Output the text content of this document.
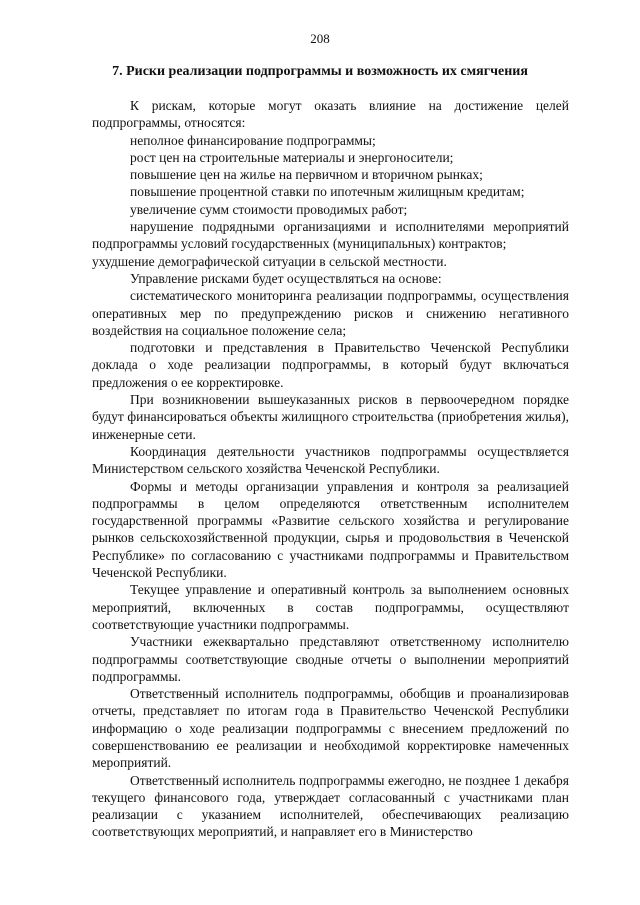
208
7. Риски реализации подпрограммы и возможность их смягчения

К рискам, которые могут оказать влияние на достижение целей подпрограммы, относятся:

неполное финансирование подпрограммы;

рост цен на строительные материалы и энергоносители;

повышение цен на жилье на первичном и вторичном рынках;

повышение процентной ставки по ипотечным жилищным кредитам;

увеличение сумм стоимости проводимых работ;

нарушение подрядными организациями и исполнителями мероприятий подпрограммы условий государственных (муниципальных) контрактов;

ухудшение демографической ситуации в сельской местности.

Управление рисками будет осуществляться на основе:

систематического мониторинга реализации подпрограммы, осуществления оперативных мер по предупреждению рисков и снижению негативного воздействия на социальное положение села;

подготовки и представления в Правительство Чеченской Республики доклада о ходе реализации подпрограммы, в который будут включаться предложения о ее корректировке.

При возникновении вышеуказанных рисков в первоочередном порядке будут финансироваться объекты жилищного строительства (приобретения жилья), инженерные сети.

Координация деятельности участников подпрограммы осуществляется Министерством сельского хозяйства Чеченской Республики.

Формы и методы организации управления и контроля за реализацией подпрограммы в целом определяются ответственным исполнителем государственной программы «Развитие сельского хозяйства и регулирование рынков сельскохозяйственной продукции, сырья и продовольствия в Чеченской Республике» по согласованию с участниками подпрограммы и Правительством Чеченской Республики.

Текущее управление и оперативный контроль за выполнением основных мероприятий, включенных в состав подпрограммы, осуществляют соответствующие участники подпрограммы.

Участники ежеквартально представляют ответственному исполнителю подпрограммы соответствующие сводные отчеты о выполнении мероприятий подпрограммы.

Ответственный исполнитель подпрограммы, обобщив и проанализировав отчеты, представляет по итогам года в Правительство Чеченской Республики информацию о ходе реализации подпрограммы с внесением предложений по совершенствованию ее реализации и необходимой корректировке намеченных мероприятий.

Ответственный исполнитель подпрограммы ежегодно, не позднее 1 декабря текущего финансового года, утверждает согласованный с участниками план реализации с указанием исполнителей, обеспечивающих реализацию соответствующих мероприятий, и направляет его в Министерство
